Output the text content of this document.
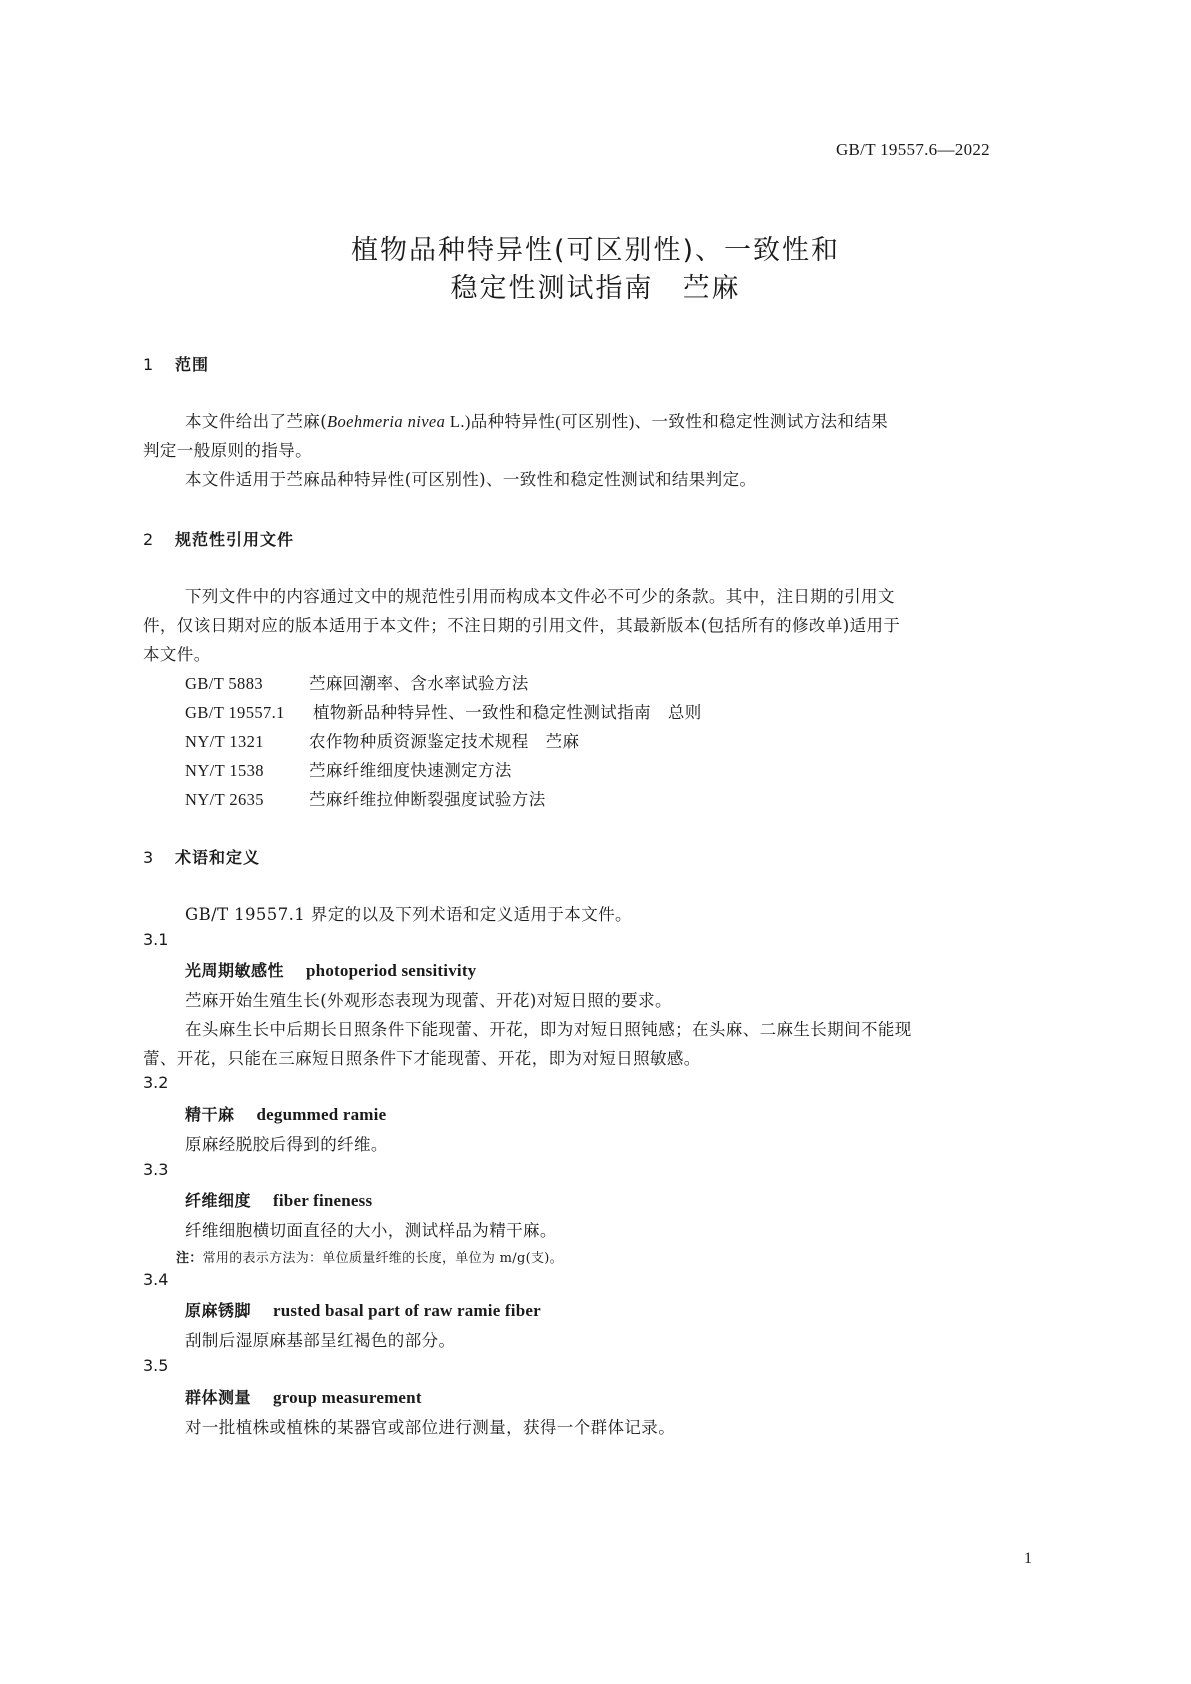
GB/T 19557.6—2022
植物品种特异性(可区别性)、一致性和
稳定性测试指南　苎麻
1 范围
本文件给出了苎麻(Boehmeria nivea L.)品种特异性(可区别性)、一致性和稳定性测试方法和结果
判定一般原则的指导。
本文件适用于苎麻品种特异性(可区别性)、一致性和稳定性测试和结果判定。
2 规范性引用文件
下列文件中的内容通过文中的规范性引用而构成本文件必不可少的条款。其中，注日期的引用文
件，仅该日期对应的版本适用于本文件；不注日期的引用文件，其最新版本(包括所有的修改单)适用于
本文件。
GB/T 5883	苎麻回潮率、含水率试验方法
GB/T 19557.1 植物新品种特异性、一致性和稳定性测试指南　总则
NY/T 1321	农作物种质资源鉴定技术规程　苎麻
NY/T 1538	苎麻纤维细度快速测定方法
NY/T 2635	苎麻纤维拉伸断裂强度试验方法
3 术语和定义
GB/T 19557.1 界定的以及下列术语和定义适用于本文件。
3.1
光周期敏感性 photoperiod sensitivity
苎麻开始生殖生长(外观形态表现为现蕾、开花)对短日照的要求。
在头麻生长中后期长日照条件下能现蕾、开花，即为对短日照钝感；在头麻、二麻生长期间不能现
蕾、开花，只能在三麻短日照条件下才能现蕾、开花，即为对短日照敏感。
3.2
精干麻 degummed ramie
原麻经脱胶后得到的纤维。
3.3
纤维细度 fiber fineness
纤维细胞横切面直径的大小，测试样品为精干麻。
注：常用的表示方法为：单位质量纤维的长度，单位为 m/g(支)。
3.4
原麻锈脚 rusted basal part of raw ramie fiber
刮制后湿原麻基部呈红褐色的部分。
3.5
群体测量 group measurement
对一批植株或植株的某器官或部位进行测量，获得一个群体记录。
1
